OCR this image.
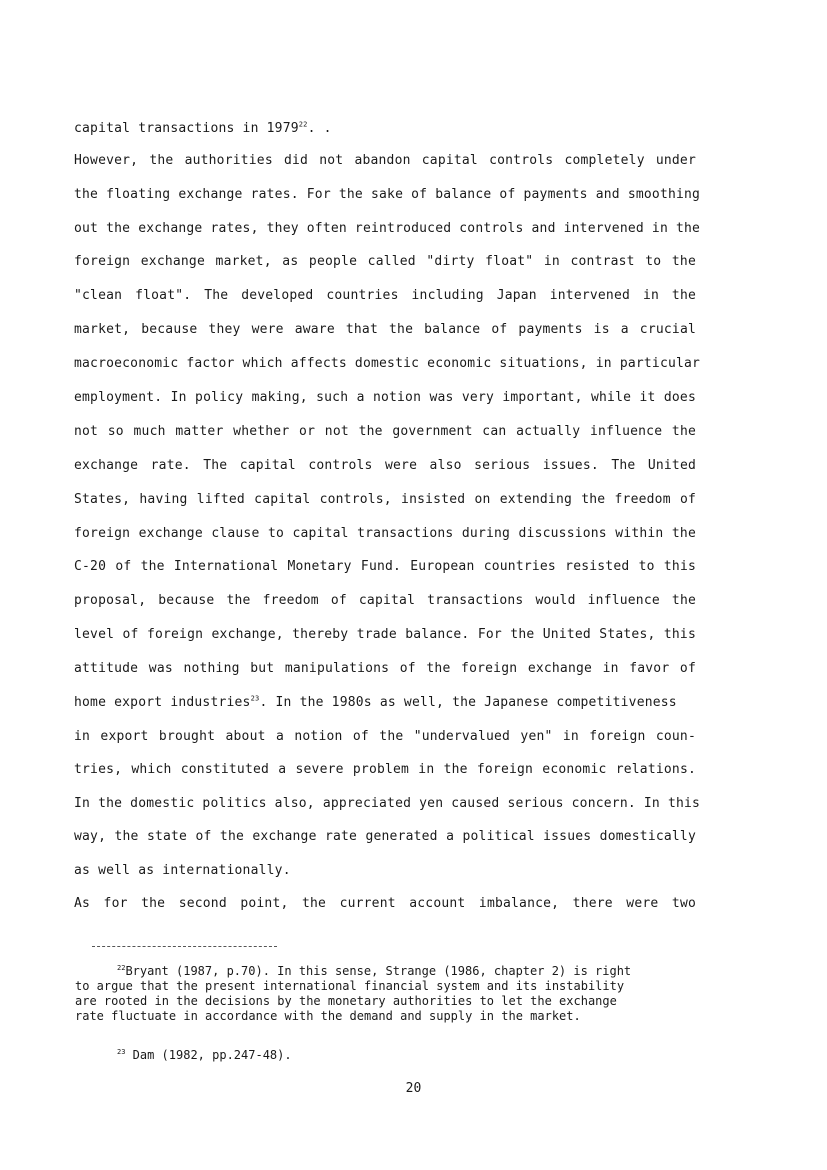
capital transactions in 1979$^{22}$. .
However, the authorities did not abandon capital controls completely under
the floating exchange rates. For the sake of balance of payments and smoothing
out the exchange rates, they often reintroduced controls and intervened in the
foreign exchange market, as people called "dirty float" in contrast to the
"clean float". The developed countries including Japan intervened in the
market, because they were aware that the balance of payments is a crucial
macroeconomic factor which affects domestic economic situations, in particular
employment. In policy making, such a notion was very important, while it does
not so much matter whether or not the government can actually influence the
exchange rate. The capital controls were also serious issues. The United
States, having lifted capital controls, insisted on extending the freedom of
foreign exchange clause to capital transactions during discussions within the
C-20 of the International Monetary Fund. European countries resisted to this
proposal, because the freedom of capital transactions would influence the
level of foreign exchange, thereby trade balance. For the United States, this
attitude was nothing but manipulations of the foreign exchange in favor of
home export industries$^{23}$. In the 1980s as well, the Japanese competitiveness
in export brought about a notion of the "undervalued yen" in foreign coun-
tries, which constituted a severe problem in the foreign economic relations.
In the domestic politics also, appreciated yen caused serious concern. In this
way, the state of the exchange rate generated a political issues domestically
as well as internationally.
As for the second point, the current account imbalance, there were two
$^{22}$Bryant (1987, p.70). In this sense, Strange (1986, chapter 2) is right
to argue that the present international financial system and its instability
are rooted in the decisions by the monetary authorities to let the exchange
rate fluctuate in accordance with the demand and supply in the market.
$^{23}$ Dam (1982, pp.247-48).
20
